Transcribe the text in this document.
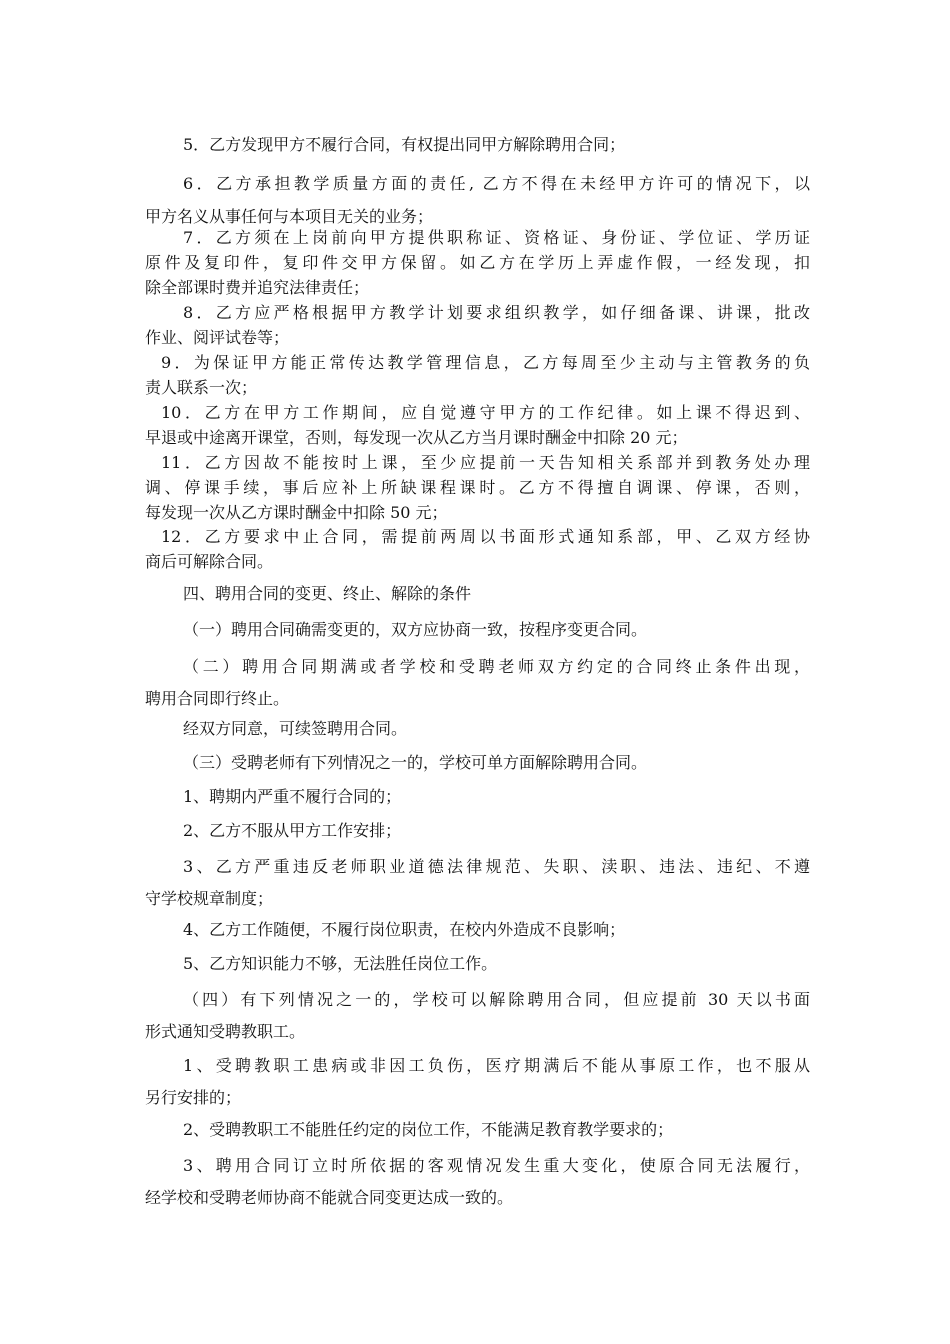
5．乙方发现甲方不履行合同，有权提出同甲方解除聘用合同；
6．乙方承担教学质量方面的责任, 乙方不得在未经甲方许可的情况下，以
甲方名义从事任何与本项目无关的业务；
7．乙方须在上岗前向甲方提供职称证、资格证、身份证、学位证、学历证
原件及复印件，复印件交甲方保留。如乙方在学历上弄虚作假，一经发现，扣
除全部课时费并追究法律责任；
8．乙方应严格根据甲方教学计划要求组织教学，如仔细备课、讲课，批改
作业、阅评试卷等；
9．为保证甲方能正常传达教学管理信息，乙方每周至少主动与主管教务的负
责人联系一次；
10．乙方在甲方工作期间，应自觉遵守甲方的工作纪律。如上课不得迟到、
早退或中途离开课堂，否则，每发现一次从乙方当月课时酬金中扣除 20 元；
11．乙方因故不能按时上课，至少应提前一天告知相关系部并到教务处办理
调、停课手续，事后应补上所缺课程课时。乙方不得擅自调课、停课，否则，
每发现一次从乙方课时酬金中扣除 50 元；
12．乙方要求中止合同，需提前两周以书面形式通知系部，甲、乙双方经协
商后可解除合同。
四、聘用合同的变更、终止、解除的条件
（一）聘用合同确需变更的，双方应协商一致，按程序变更合同。
（二）聘用合同期满或者学校和受聘老师双方约定的合同终止条件出现，
聘用合同即行终止。
经双方同意，可续签聘用合同。
（三）受聘老师有下列情况之一的，学校可单方面解除聘用合同。
1、聘期内严重不履行合同的；
2、乙方不服从甲方工作安排；
3、乙方严重违反老师职业道德法律规范、失职、渎职、违法、违纪、不遵
守学校规章制度；
4、乙方工作随便，不履行岗位职责，在校内外造成不良影响；
5、乙方知识能力不够，无法胜任岗位工作。
（四）有下列情况之一的，学校可以解除聘用合同，但应提前 30 天以书面
形式通知受聘教职工。
1、受聘教职工患病或非因工负伤，医疗期满后不能从事原工作，也不服从
另行安排的；
2、受聘教职工不能胜任约定的岗位工作，不能满足教育教学要求的；
3、聘用合同订立时所依据的客观情况发生重大变化，使原合同无法履行，
经学校和受聘老师协商不能就合同变更达成一致的。
